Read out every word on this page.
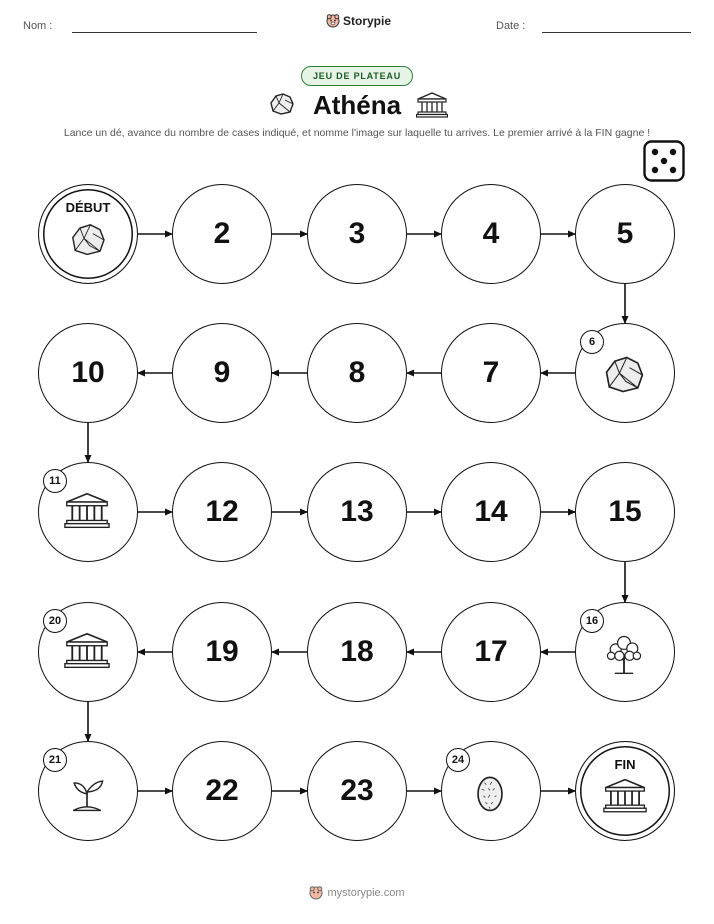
Nom :	Storypie	Date :
JEU DE PLATEAU
Athéna
Lance un dé, avance du nombre de cases indiqué, et nomme l'image sur laquelle tu arrives. Le premier arrivé à la FIN gagne !
DÉBUT
2	3	4	5
10	9	8	7
6
11
12	13	14	15
20
19	18	17
16
21
22	23
24	FIN
mystorypie.com
